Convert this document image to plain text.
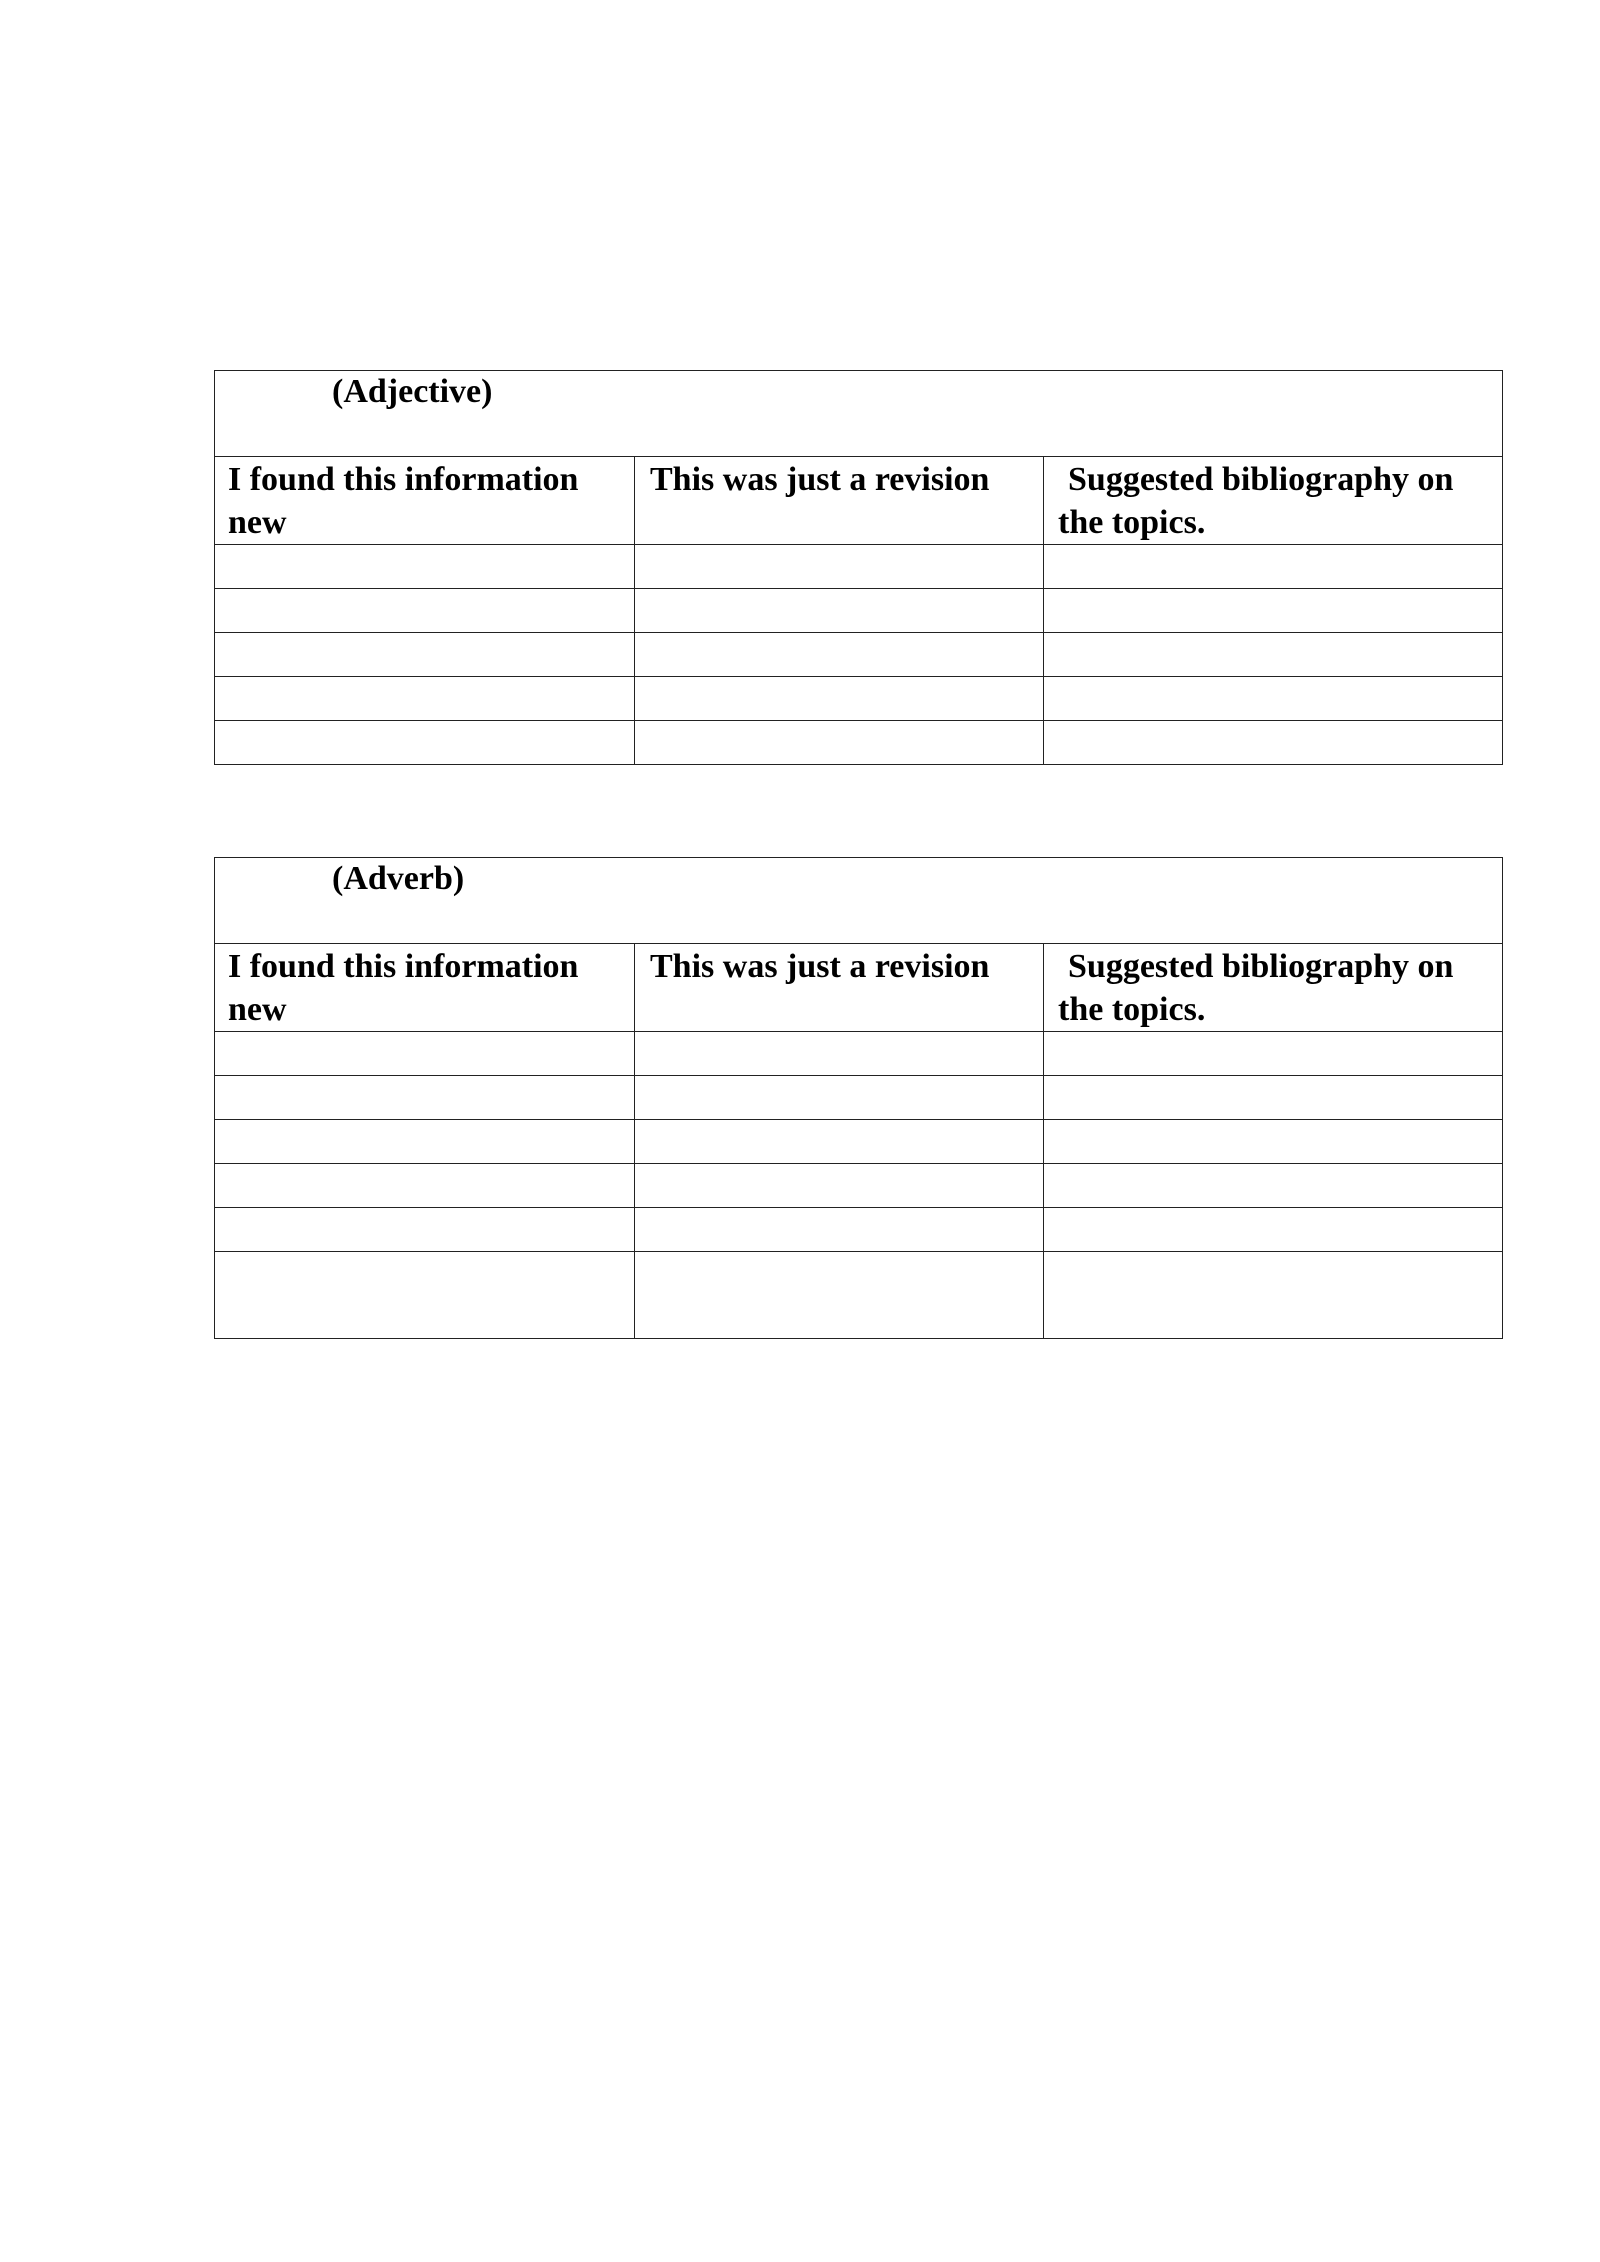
(Adjective)		

I found this information new	This was just a revision	Suggested bibliography on the topics.

(Adverb)		

I found this information new	This was just a revision	Suggested bibliography on the topics.
